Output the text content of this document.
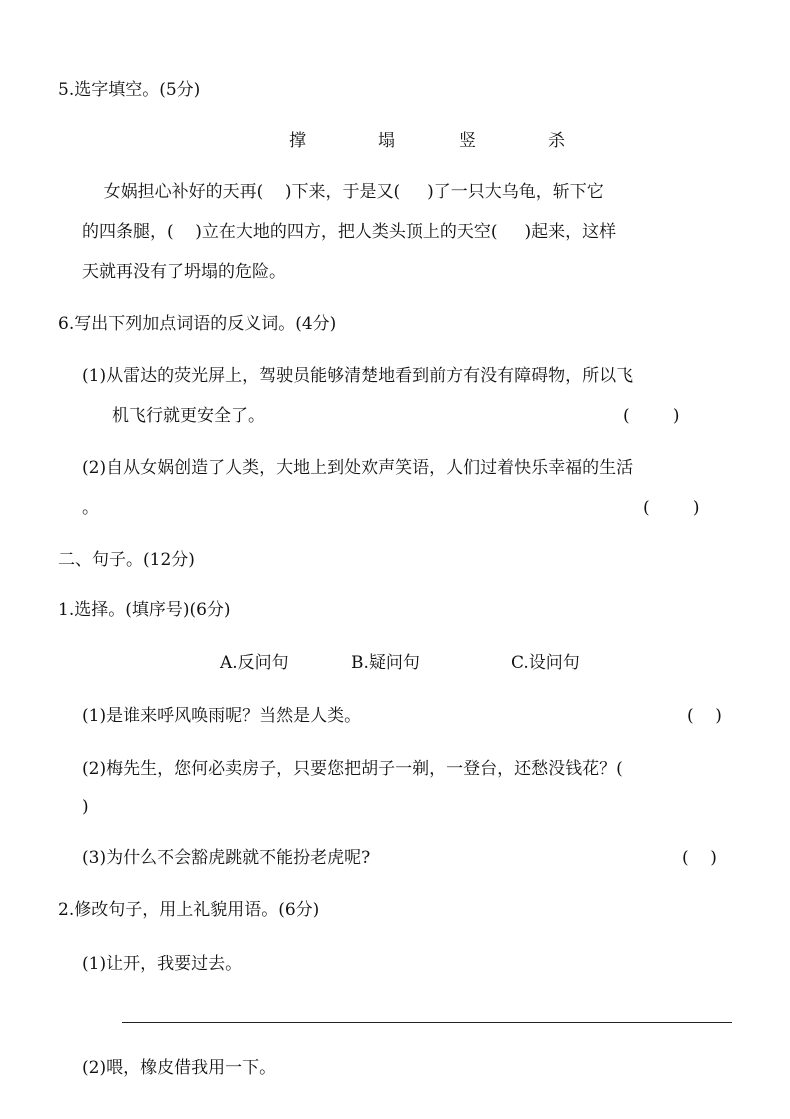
5.选字填空。(5分)
撑	塌	竖	杀
女娲担心补好的天再(    )下来，于是又(     )了一只大乌龟，斩下它
的四条腿，(    )立在大地的四方，把人类头顶上的天空(     )起来，这样
天就再没有了坍塌的危险。
6.写出下列加点词语的反义词。(4分)
(1)从雷达的荧光屏上，驾驶员能够清楚地看到前方有没有障碍物，所以飞
机飞行就更安全了。	(        )
(2)自从女娲创造了人类，大地上到处欢声笑语，人们过着快乐幸福的生活
。	(        )
二、句子。(12分)
1.选择。(填序号)(6分)
A.反问句	B.疑问句	C.设问句
(1)是谁来呼风唤雨呢？当然是人类。	(    )
(2)梅先生，您何必卖房子，只要您把胡子一剃，一登台，还愁没钱花？(
)
(3)为什么不会豁虎跳就不能扮老虎呢?	(    )
2.修改句子，用上礼貌用语。(6分)
(1)让开，我要过去。
(2)喂，橡皮借我用一下。
